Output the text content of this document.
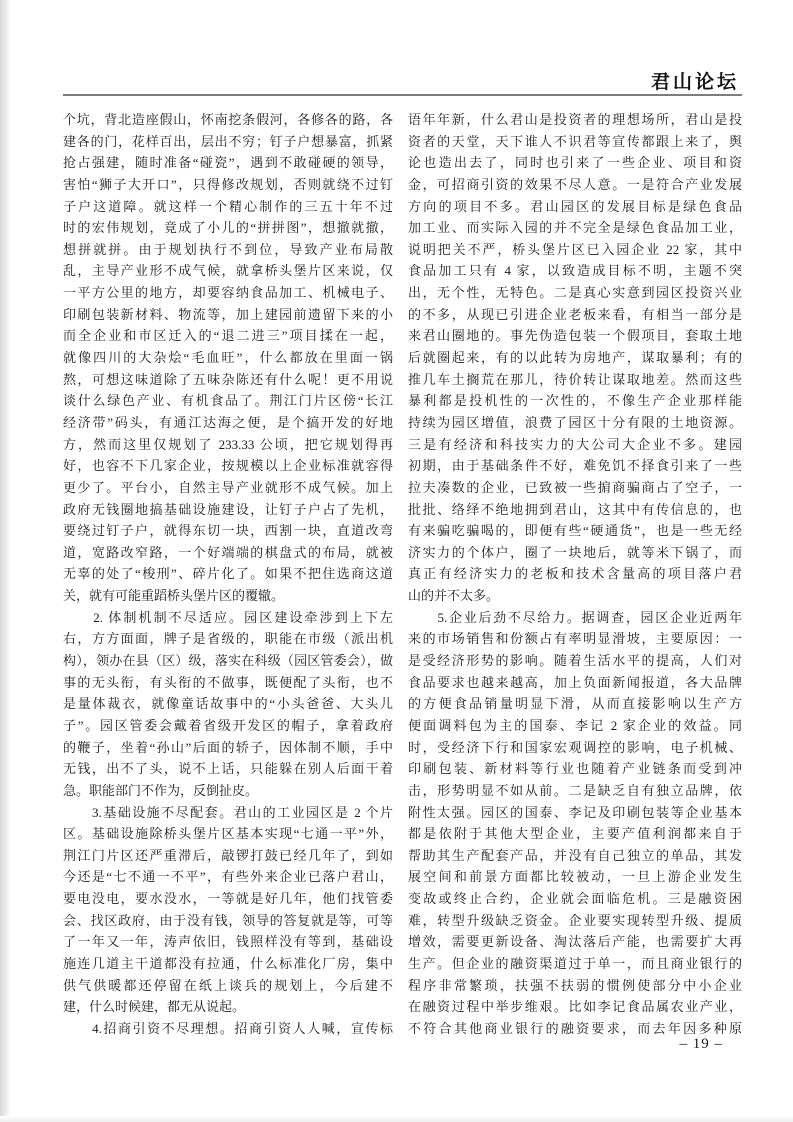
君山论坛
个坑，背北造座假山，怀南挖条假河，各修各的路，各
建各的门，花样百出，层出不穷；钉子户想暴富，抓紧
抢占强建，随时准备“碰瓷”，遇到不敢碰硬的领导，
害怕“狮子大开口”，只得修改规划，否则就绕不过钉
子户这道障。就这样一个精心制作的三五十年不过
时的宏伟规划，竟成了小儿的“拼拼图”，想撤就撤，
想拼就拼。由于规划执行不到位，导致产业布局散
乱，主导产业形不成气候，就拿桥头堡片区来说，仅
一平方公里的地方，却要容纳食品加工、机械电子、
印刷包装新材料、物流等，加上建园前遗留下来的小
而全企业和市区迁入的“退二进三”项目揉在一起，
就像四川的大杂烩“毛血旺”，什么都放在里面一锅
熬，可想这味道除了五味杂陈还有什么呢！更不用说
谈什么绿色产业、有机食品了。荆江门片区傍“长江
经济带”码头，有通江达海之便，是个搞开发的好地
方，然而这里仅规划了 233.33 公顷，把它规划得再
好，也容不下几家企业，按规模以上企业标准就容得
更少了。平台小，自然主导产业就形不成气候。加上
政府无钱圈地搞基础设施建设，让钉子户占了先机，
要绕过钉子户，就得东切一块，西割一块，直道改弯
道，宽路改窄路，一个好端端的棋盘式的布局，就被
无辜的处了“梭刑”、碎片化了。如果不把住选商这道
关，就有可能重蹈桥头堡片区的覆辙。
　　2. 体制机制不尽适应。园区建设牵涉到上下左
右，方方面面，牌子是省级的，职能在市级（派出机
构），领办在县（区）级，落实在科级（园区管委会），做
事的无头衔，有头衔的不做事，既便配了头衔，也不
是量体裁衣，就像童话故事中的“小头爸爸、大头儿
子”。园区管委会戴着省级开发区的帽子，拿着政府
的鞭子，坐着“孙山”后面的轿子，因体制不顺，手中
无钱，出不了头，说不上话，只能躲在别人后面干着
急。职能部门不作为，反倒扯皮。
　　3.基础设施不尽配套。君山的工业园区是 2 个片
区。基础设施除桥头堡片区基本实现“七通一平”外，
荆江门片区还严重滞后，敲锣打鼓已经几年了，到如
今还是“七不通一不平”，有些外来企业已落户君山，
要电没电，要水没水，一等就是好几年，他们找管委
会、找区政府，由于没有钱，领导的答复就是等，可等
了一年又一年，涛声依旧，钱照样没有等到，基础设
施连几道主干道都没有拉通，什么标准化厂房，集中
供气供暖都还停留在纸上谈兵的规划上，今后建不
建，什么时候建，都无从说起。
　　4.招商引资不尽理想。招商引资人人喊，宣传标
语年年新，什么君山是投资者的理想场所，君山是投
资者的天堂，天下谁人不识君等宣传都跟上来了，舆
论也造出去了，同时也引来了一些企业、项目和资
金，可招商引资的效果不尽人意。一是符合产业发展
方向的项目不多。君山园区的发展目标是绿色食品
加工业、而实际入园的并不完全是绿色食品加工业，
说明把关不严，桥头堡片区已入园企业 22 家，其中
食品加工只有 4 家，以致造成目标不明，主题不突
出，无个性，无特色。二是真心实意到园区投资兴业
的不多，从现已引进企业老板来看，有相当一部分是
来君山圈地的。事先伪造包装一个假项目，套取土地
后就圈起来，有的以此转为房地产，谋取暴利；有的
推几车土搁荒在那儿，待价转让谋取地差。然而这些
暴利都是投机性的一次性的，不像生产企业那样能
持续为园区增值，浪费了园区十分有限的土地资源。
三是有经济和科技实力的大公司大企业不多。建园
初期，由于基础条件不好，难免饥不择食引来了一些
拉夫凑数的企业，已致被一些掮商骗商占了空子，一
批批、络绎不绝地拥到君山，这其中有传信息的，也
有来骗吃骗喝的，即便有些“硬通货”，也是一些无经
济实力的个体户，圈了一块地后，就等米下锅了，而
真正有经济实力的老板和技术含量高的项目落户君
山的并不太多。
　　5.企业后劲不尽给力。据调查，园区企业近两年
来的市场销售和份额占有率明显滑坡，主要原因：一
是受经济形势的影响。随着生活水平的提高，人们对
食品要求也越来越高，加上负面新闻报道，各大品牌
的方便食品销量明显下滑，从而直接影响以生产方
便面调料包为主的国泰、李记 2 家企业的效益。同
时，受经济下行和国家宏观调控的影响，电子机械、
印刷包装、新材料等行业也随着产业链条而受到冲
击，形势明显不如从前。二是缺乏自有独立品牌，依
附性太强。园区的国泰、李记及印刷包装等企业基本
都是依附于其他大型企业，主要产值利润都来自于
帮助其生产配套产品，并没有自己独立的单品，其发
展空间和前景方面都比较被动，一旦上游企业发生
变故或终止合约，企业就会面临危机。三是融资困
难，转型升级缺乏资金。企业要实现转型升级、提质
增效，需要更新设备、淘汰落后产能，也需要扩大再
生产。但企业的融资渠道过于单一，而且商业银行的
程序非常繁琐，扶强不扶弱的惯例使部分中小企业
在融资过程中举步维艰。比如李记食品属农业产业，
不符合其他商业银行的融资要求，而去年因多种原
– 19 –
